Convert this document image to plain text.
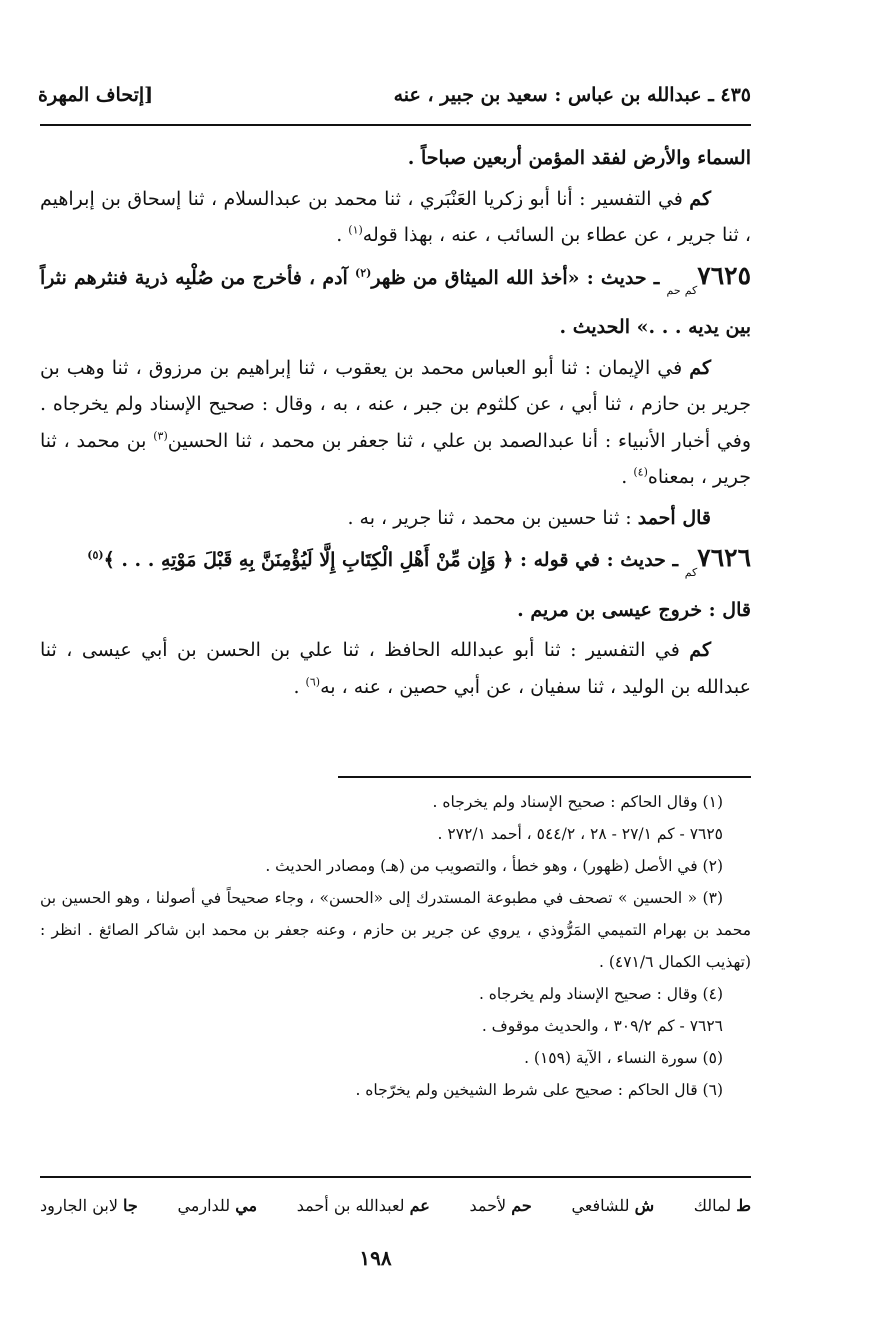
٤٣٥ ـ عبدالله بن عباس : سعيد بن جبير ، عنه
[إتحاف المهرة

السماء والأرض لفقد المؤمن أربعين صباحاً .

كم في التفسير : أنا أبو زكريا العَنْبَري ، ثنا محمد بن عبدالسلام ، ثنا إسحاق بن إبراهيم ، ثنا جرير ، عن عطاء بن السائب ، عنه ، بهذا قوله$^{(١)}$ .

$٧٦٢٥_{كم حم}$ ـ حديث : «أخذ الله الميثاق من ظهر$^{(٢)}$ آدم ، فأخرج من صُلْبِه ذرية فنثرهم نثراً بين يديه . . .» الحديث .

كم في الإيمان : ثنا أبو العباس محمد بن يعقوب ، ثنا إبراهيم بن مرزوق ، ثنا وهب بن جرير بن حازم ، ثنا أبي ، عن كلثوم بن جبر ، عنه ، به ، وقال : صحيح الإسناد ولم يخرجاه . وفي أخبار الأنبياء : أنا عبدالصمد بن علي ، ثنا جعفر بن محمد ، ثنا الحسين$^{(٣)}$ بن محمد ، ثنا جرير ، بمعناه$^{(٤)}$ .

قال أحمد : ثنا حسين بن محمد ، ثنا جرير ، به .

$٧٦٢٦_{كم}$ ـ حديث : في قوله : ﴿ وَإِن مِّنْ أَهْلِ الْكِتَابِ إِلَّا لَيُؤْمِنَنَّ بِهِ قَبْلَ مَوْتِهِ . . . ﴾$^{(٥)}$
قال : خروج عيسى بن مريم .

كم في التفسير : ثنا أبو عبدالله الحافظ ، ثنا علي بن الحسن بن أبي عيسى ، ثنا عبدالله بن الوليد ، ثنا سفيان ، عن أبي حصين ، عنه ، به$^{(٦)}$ .

(١) وقال الحاكم : صحيح الإسناد ولم يخرجاه .

٧٦٢٥ - كم ٢٧/١ - ٢٨ ، ٥٤٤/٢ ، أحمد ٢٧٢/١ .

(٢) في الأصل (ظهور) ، وهو خطأ ، والتصويب من (هـ) ومصادر الحديث .

(٣) « الحسين » تصحف في مطبوعة المستدرك إلى «الحسن» ، وجاء صحيحاً في أصولنا ، وهو الحسين بن محمد بن بهرام التميمي المَرُّوذي ، يروي عن جرير بن حازم ، وعنه جعفر بن محمد ابن شاكر الصائغ . انظر : (تهذيب الكمال ٤٧١/٦) .

(٤) وقال : صحيح الإسناد ولم يخرجاه .

٧٦٢٦ - كم ٣٠٩/٢ ، والحديث موقوف .

(٥) سورة النساء ، الآية (١٥٩) .

(٦) قال الحاكم : صحيح على شرط الشيخين ولم يخرّجاه .

ط لمالك
ش للشافعي
حم لأحمد
عم لعبدالله بن أحمد
مي للدارمي
جا لابن الجارود
١٩٨
